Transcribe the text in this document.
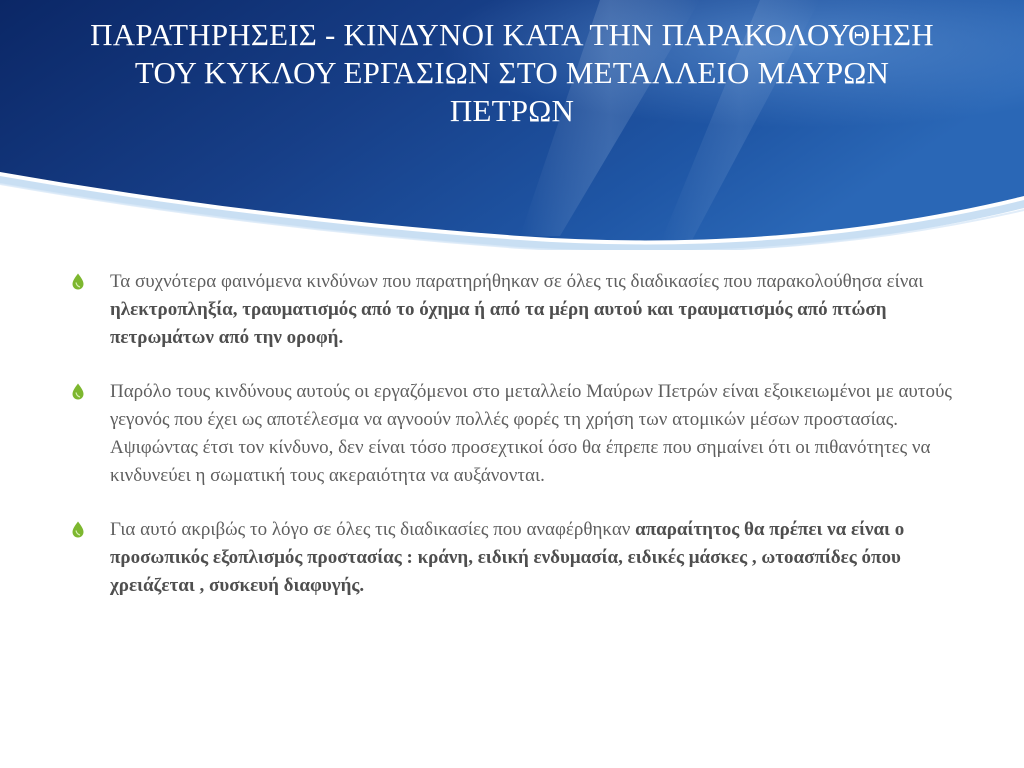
ΠΑΡΑΤΗΡΗΣΕΙΣ - ΚΙΝΔΥΝΟΙ ΚΑΤΑ ΤΗΝ ΠΑΡΑΚΟΛΟΥΘΗΣΗ
ΤΟΥ ΚΥΚΛΟΥ ΕΡΓΑΣΙΩΝ ΣΤΟ ΜΕΤΑΛΛΕΙΟ ΜΑΥΡΩΝ
ΠΕΤΡΩΝ
Τα συχνότερα φαινόμενα κινδύνων που παρατηρήθηκαν σε όλες τις διαδικασίες που παρακολούθησα είναι ηλεκτροπληξία, τραυματισμός από το όχημα ή από τα μέρη αυτού και τραυματισμός από πτώση πετρωμάτων από την οροφή.
Παρόλο τους κινδύνους αυτούς οι εργαζόμενοι στο μεταλλείο Μαύρων Πετρών είναι εξοικειωμένοι με αυτούς γεγονός που έχει ως αποτέλεσμα να αγνοούν πολλές φορές τη χρήση των ατομικών μέσων προστασίας. Αψιφώντας έτσι τον κίνδυνο, δεν είναι τόσο προσεχτικοί όσο θα έπρεπε που σημαίνει ότι οι πιθανότητες να κινδυνεύει η σωματική τους ακεραιότητα να αυξάνονται.
Για αυτό ακριβώς το λόγο σε όλες τις διαδικασίες που αναφέρθηκαν απαραίτητος θα πρέπει να είναι ο προσωπικός εξοπλισμός προστασίας : κράνη, ειδική ενδυμασία, ειδικές μάσκες , ωτοασπίδες όπου χρειάζεται , συσκευή διαφυγής.
